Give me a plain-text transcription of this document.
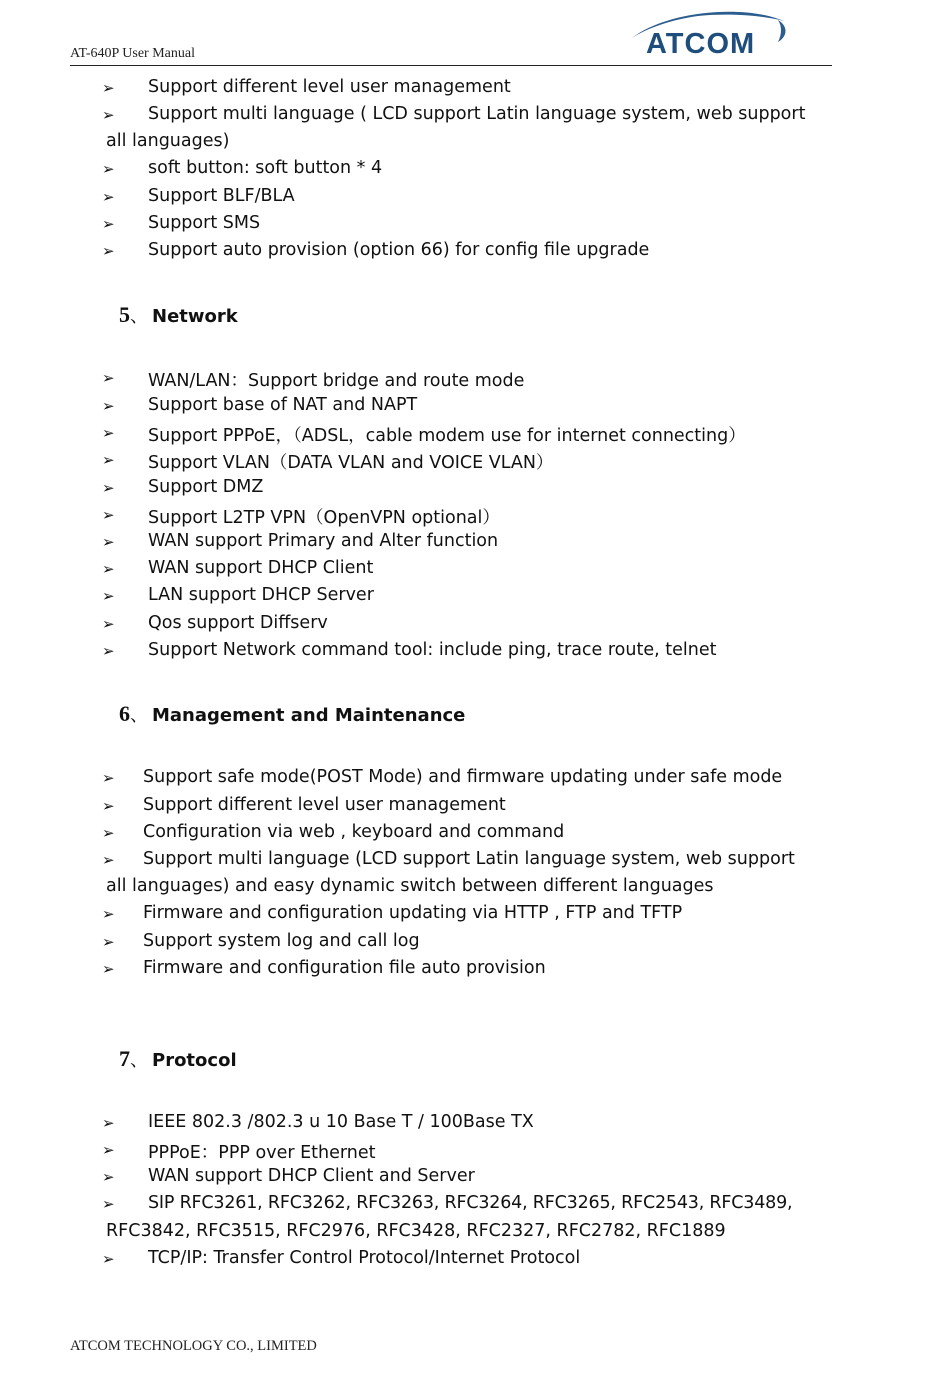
AT-640P User Manual	ATCOM
➢ Support different level user management
➢ Support multi language ( LCD support Latin language system, web support
all languages)
➢ soft button: soft button * 4
➢ Support BLF/BLA
➢ Support SMS
➢ Support auto provision (option 66) for config file upgrade
5、 Network
➢ WAN/LAN：Support bridge and route mode
➢ Support base of NAT and NAPT
➢ Support PPPoE，（ADSL，cable modem use for internet connecting）
➢ Support VLAN（DATA VLAN and VOICE VLAN）
➢ Support DMZ
➢ Support L2TP VPN（OpenVPN optional）
➢ WAN support Primary and Alter function
➢ WAN support DHCP Client
➢ LAN support DHCP Server
➢ Qos support Diffserv
➢ Support Network command tool: include ping, trace route, telnet
6、 Management and Maintenance
➢ Support safe mode(POST Mode) and firmware updating under safe mode
➢ Support different level user management
➢ Configuration via web , keyboard and command
➢ Support multi language (LCD support Latin language system, web support
all languages) and easy dynamic switch between different languages
➢ Firmware and configuration updating via HTTP , FTP and TFTP
➢ Support system log and call log
➢ Firmware and configuration file auto provision
7、 Protocol
➢ IEEE 802.3 /802.3 u 10 Base T / 100Base TX
➢ PPPoE：PPP over Ethernet
➢ WAN support DHCP Client and Server
➢ SIP RFC3261, RFC3262, RFC3263, RFC3264, RFC3265, RFC2543, RFC3489,
RFC3842, RFC3515, RFC2976, RFC3428, RFC2327, RFC2782, RFC1889
➢ TCP/IP: Transfer Control Protocol/Internet Protocol
ATCOM TECHNOLOGY CO., LIMITED
